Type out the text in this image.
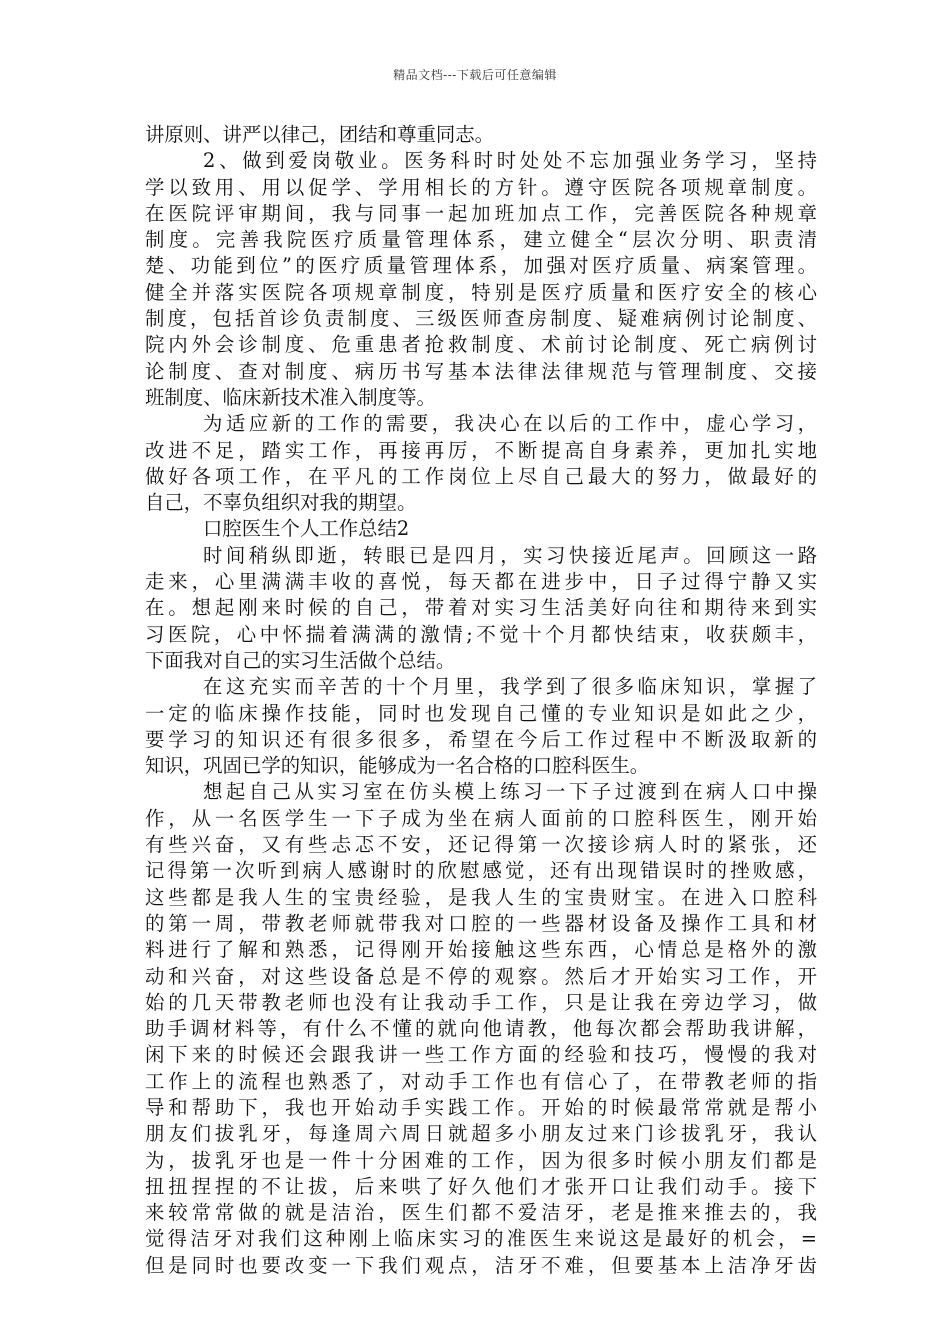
精品文档---下载后可任意编辑
讲原则、讲严以律己，团结和尊重同志。
2、做到爱岗敬业。医务科时时处处不忘加强业务学习，坚持
学以致用、用以促学、学用相长的方针。遵守医院各项规章制度。
在医院评审期间，我与同事一起加班加点工作，完善医院各种规章
制度。完善我院医疗质量管理体系，建立健全“层次分明、职责清
楚、功能到位”的医疗质量管理体系，加强对医疗质量、病案管理。
健全并落实医院各项规章制度，特别是医疗质量和医疗安全的核心
制度，包括首诊负责制度、三级医师查房制度、疑难病例讨论制度、
院内外会诊制度、危重患者抢救制度、术前讨论制度、死亡病例讨
论制度、查对制度、病历书写基本法律法律规范与管理制度、交接
班制度、临床新技术准入制度等。
为适应新的工作的需要，我决心在以后的工作中，虚心学习，
改进不足，踏实工作，再接再厉，不断提高自身素养，更加扎实地
做好各项工作，在平凡的工作岗位上尽自己最大的努力，做最好的
自己，不辜负组织对我的期望。
口腔医生个人工作总结2
时间稍纵即逝，转眼已是四月，实习快接近尾声。回顾这一路
走来，心里满满丰收的喜悦，每天都在进步中，日子过得宁静又实
在。想起刚来时候的自己，带着对实习生活美好向往和期待来到实
习医院，心中怀揣着满满的激情;不觉十个月都快结束，收获颇丰，
下面我对自己的实习生活做个总结。
在这充实而辛苦的十个月里，我学到了很多临床知识，掌握了
一定的临床操作技能，同时也发现自己懂的专业知识是如此之少，
要学习的知识还有很多很多，希望在今后工作过程中不断汲取新的
知识，巩固已学的知识，能够成为一名合格的口腔科医生。
想起自己从实习室在仿头模上练习一下子过渡到在病人口中操
作，从一名医学生一下子成为坐在病人面前的口腔科医生，刚开始
有些兴奋，又有些忐忑不安，还记得第一次接诊病人时的紧张，还
记得第一次听到病人感谢时的欣慰感觉，还有出现错误时的挫败感，
这些都是我人生的宝贵经验，是我人生的宝贵财宝。在进入口腔科
的第一周，带教老师就带我对口腔的一些器材设备及操作工具和材
料进行了解和熟悉，记得刚开始接触这些东西，心情总是格外的激
动和兴奋，对这些设备总是不停的观察。然后才开始实习工作，开
始的几天带教老师也没有让我动手工作，只是让我在旁边学习，做
助手调材料等，有什么不懂的就向他请教，他每次都会帮助我讲解，
闲下来的时候还会跟我讲一些工作方面的经验和技巧，慢慢的我对
工作上的流程也熟悉了，对动手工作也有信心了，在带教老师的指
导和帮助下，我也开始动手实践工作。开始的时候最常常就是帮小
朋友们拔乳牙，每逢周六周日就超多小朋友过来门诊拔乳牙，我认
为，拔乳牙也是一件十分困难的工作，因为很多时候小朋友们都是
扭扭捏捏的不让拔，后来哄了好久他们才张开口让我们动手。接下
来较常常做的就是洁治，医生们都不爱洁牙，老是推来推去的，我
觉得洁牙对我们这种刚上临床实习的准医生来说这是最好的机会，=
但是同时也要改变一下我们观点，洁牙不难，但要基本上洁净牙齿
